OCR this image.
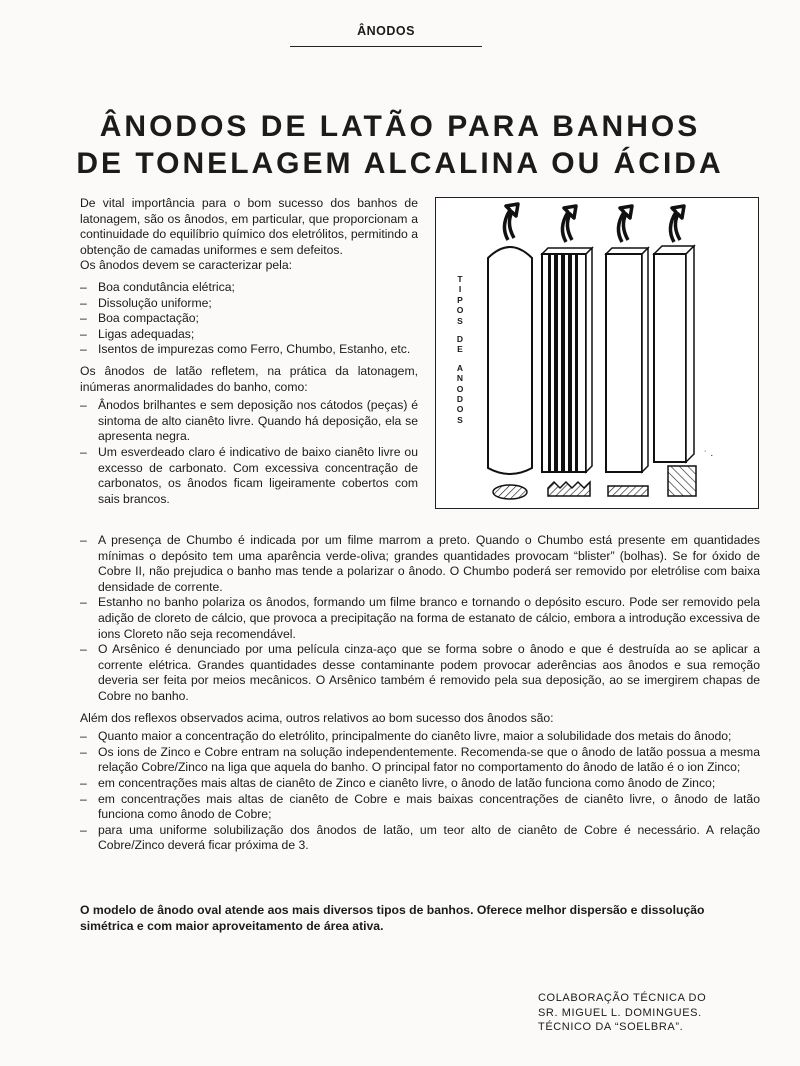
ÂNODOS
ÂNODOS DE LATÃO PARA BANHOS
DE TONELAGEM ALCALINA OU ÁCIDA

De vital importância para o bom sucesso dos banhos de latonagem, são os ânodos, em particular, que proporcionam a continuidade do equilíbrio químico dos eletrólitos, permitindo a obtenção de camadas uniformes e sem defeitos.

Os ânodos devem se caracterizar pela:

– Boa condutância elétrica;
– Dissolução uniforme;
– Boa compactação;
– Ligas adequadas;
– Isentos de impurezas como Ferro, Chumbo, Estanho, etc.

Os ânodos de latão refletem, na prática da latonagem, inúmeras anormalidades do banho, como:

– Ânodos brilhantes e sem deposição nos cátodos (peças) é sintoma de alto cianêto livre. Quando há deposição, ela se apresenta negra.
– Um esverdeado claro é indicativo de baixo cianêto livre ou excesso de carbonato. Com excessiva concentração de carbonatos, os ânodos ficam ligeiramente cobertos com sais brancos.
T
I
P
O
S
D
E
A
N
O
D
O
S
˙ ·
– A presença de Chumbo é indicada por um filme marrom a preto. Quando o Chumbo está presente em quantidades mínimas o depósito tem uma aparência verde-oliva; grandes quantidades provocam “blister” (bolhas). Se for óxido de Cobre II, não prejudica o banho mas tende a polarizar o ânodo. O Chumbo poderá ser removido por eletrólise com baixa densidade de corrente.
– Estanho no banho polariza os ânodos, formando um filme branco e tornando o depósito escuro. Pode ser removido pela adição de cloreto de cálcio, que provoca a precipitação na forma de estanato de cálcio, embora a introdução excessiva de ions Cloreto não seja recomendável.
– O Arsênico é denunciado por uma película cinza-aço que se forma sobre o ânodo e que é destruída ao se aplicar a corrente elétrica. Grandes quantidades desse contaminante podem provocar aderências aos ânodos e sua remoção deveria ser feita por meios mecânicos. O Arsênico também é removido pela sua deposição, ao se imergirem chapas de Cobre no banho.

Além dos reflexos observados acima, outros relativos ao bom sucesso dos ânodos são:

– Quanto maior a concentração do eletrólito, principalmente do cianêto livre, maior a solubilidade dos metais do ânodo;
– Os ions de Zinco e Cobre entram na solução independentemente. Recomenda-se que o ânodo de latão possua a mesma relação Cobre/Zinco na liga que aquela do banho. O principal fator no comportamento do ânodo de latão é o ion Zinco;
– em concentrações mais altas de cianêto de Zinco e cianêto livre, o ânodo de latão funciona como ânodo de Zinco;
– em concentrações mais altas de cianêto de Cobre e mais baixas concentrações de cianêto livre, o ânodo de latão funciona como ânodo de Cobre;
– para uma uniforme solubilização dos ânodos de latão, um teor alto de cianêto de Cobre é necessário. A relação Cobre/Zinco deverá ficar próxima de 3.

O modelo de ânodo oval atende aos mais diversos tipos de banhos. Oferece melhor dispersão e dissolução simétrica e com maior aproveitamento de área ativa.

COLABORAÇÃO TÉCNICA DO
SR. MIGUEL L. DOMINGUES.
TÉCNICO DA “SOELBRA”.
